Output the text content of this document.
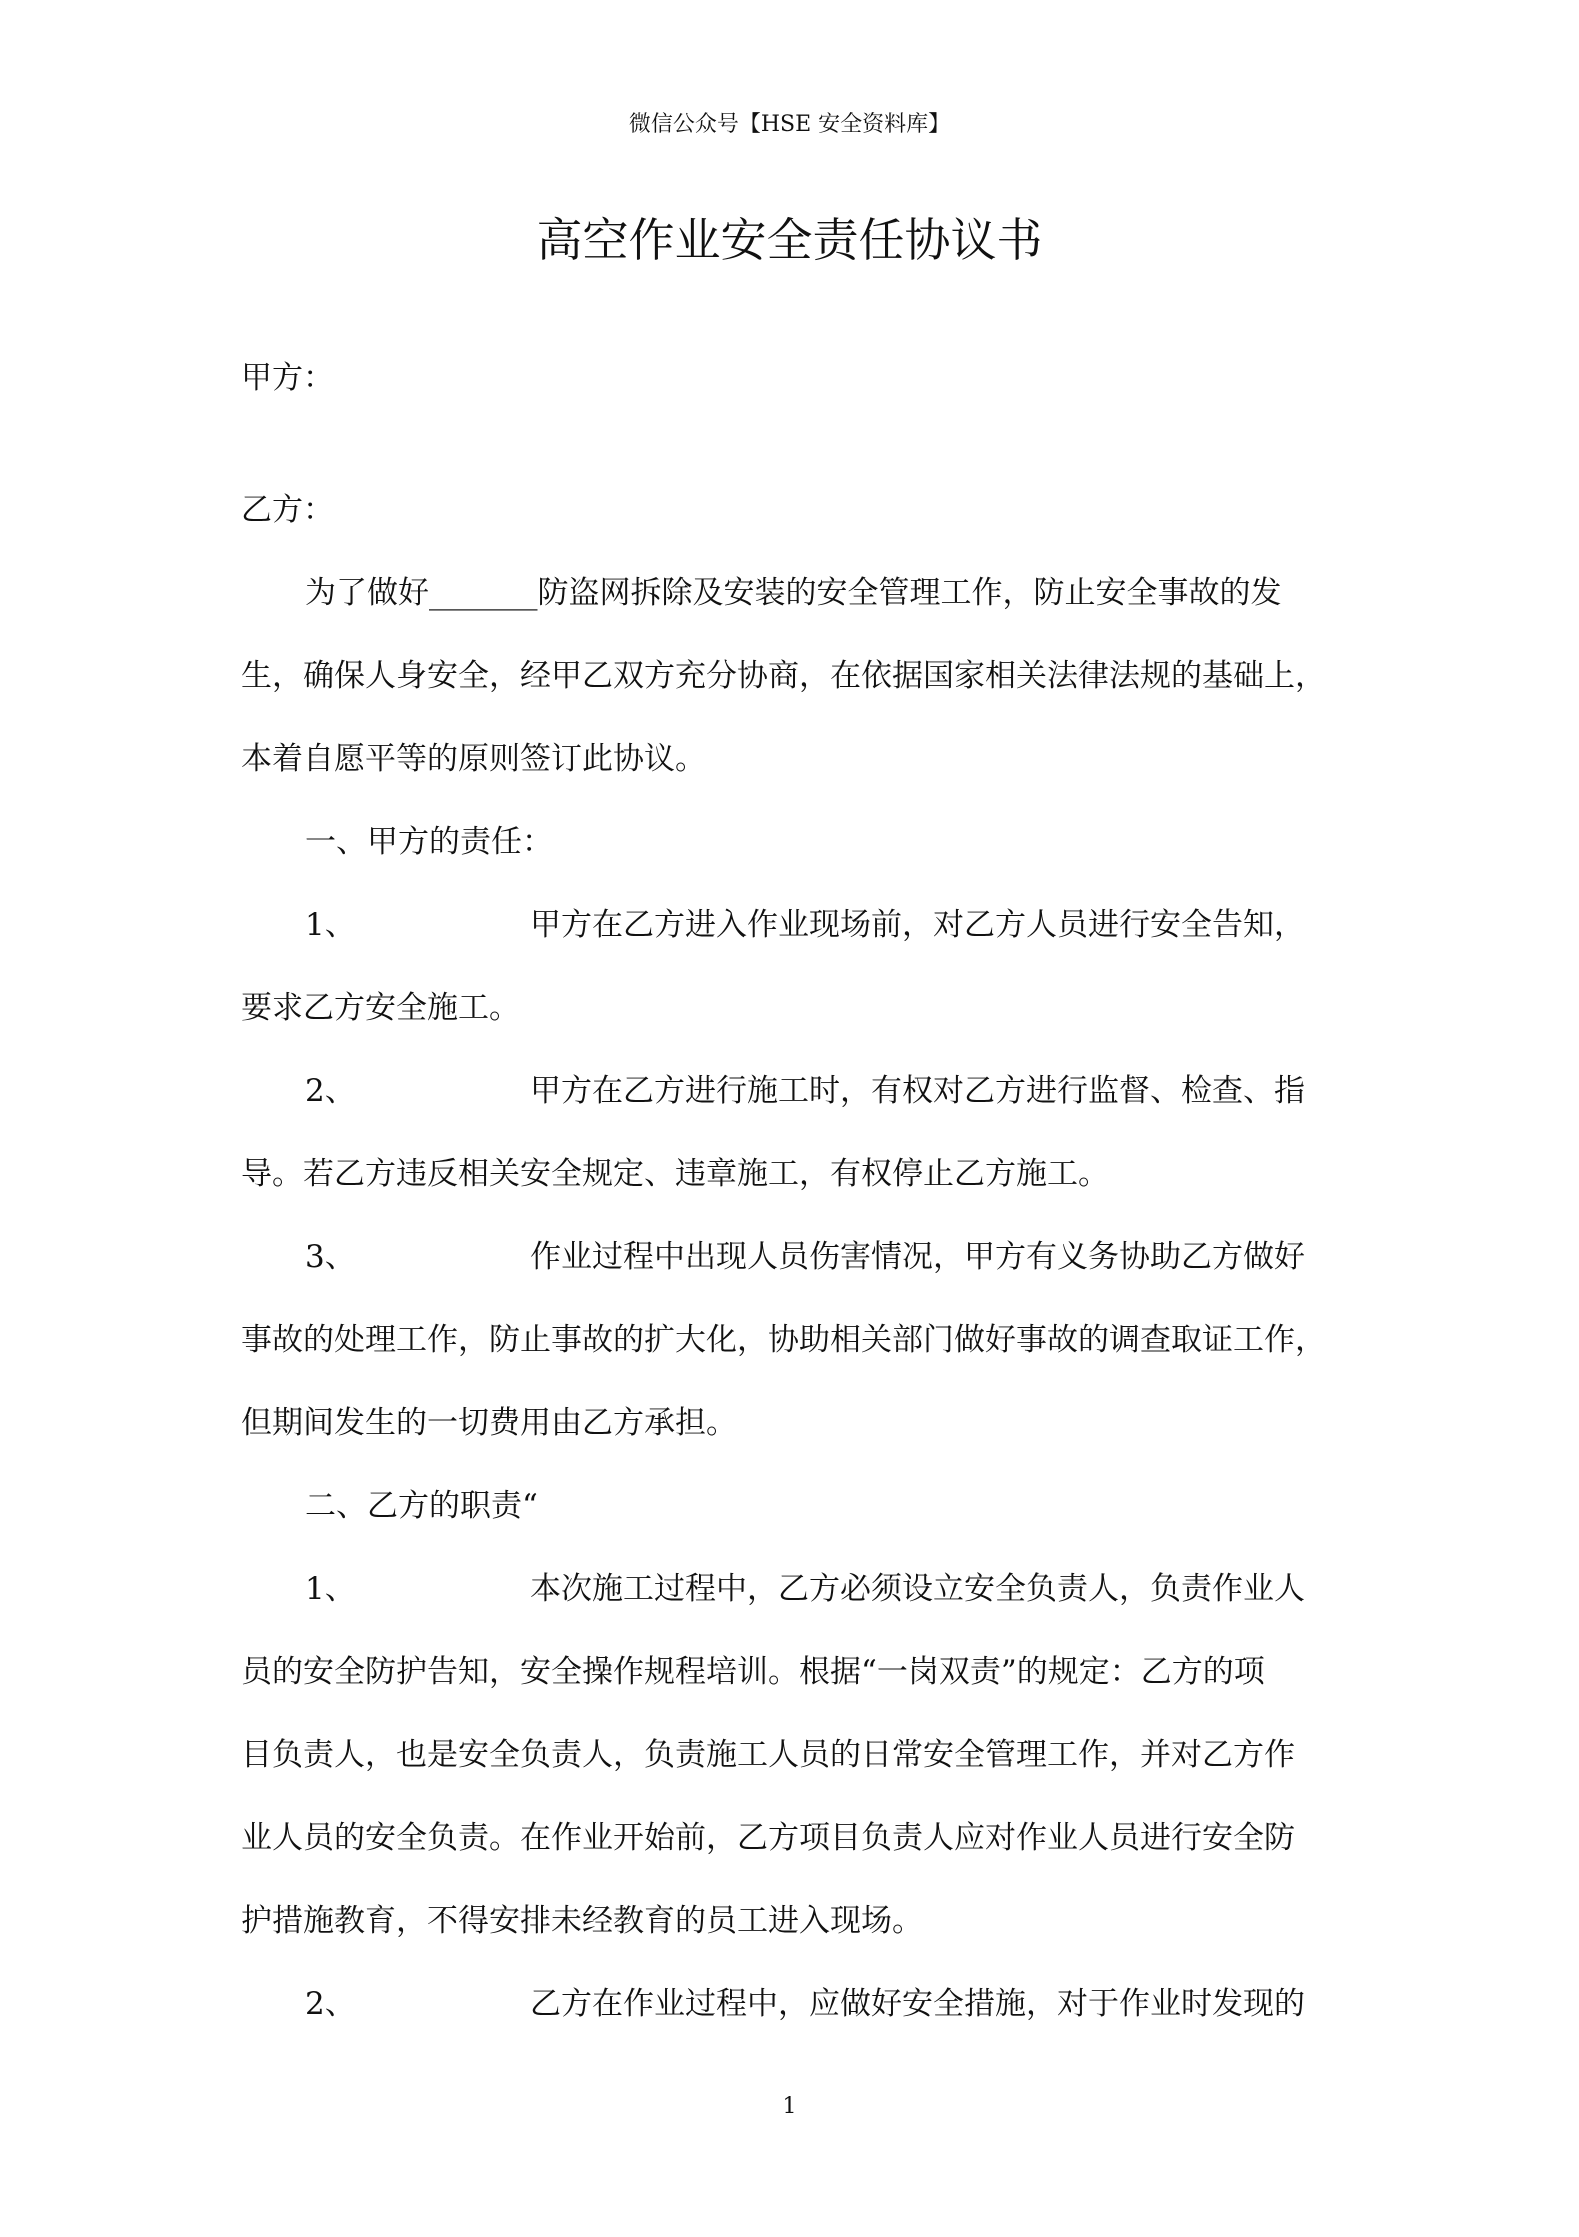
微信公众号【HSE 安全资料库】
高空作业安全责任协议书
甲方：
乙方：
为了做好_______防盗网拆除及安装的安全管理工作，防止安全事故的发
生，确保人身安全，经甲乙双方充分协商，在依据国家相关法律法规的基础上，
本着自愿平等的原则签订此协议。
一、甲方的责任：
1、	甲方在乙方进入作业现场前，对乙方人员进行安全告知，
要求乙方安全施工。
2、	甲方在乙方进行施工时，有权对乙方进行监督、检查、指
导。若乙方违反相关安全规定、违章施工，有权停止乙方施工。
3、	作业过程中出现人员伤害情况，甲方有义务协助乙方做好
事故的处理工作，防止事故的扩大化，协助相关部门做好事故的调查取证工作，
但期间发生的一切费用由乙方承担。
二、乙方的职责“
1、	本次施工过程中，乙方必须设立安全负责人，负责作业人
员的安全防护告知，安全操作规程培训。根据“一岗双责”的规定：乙方的项
目负责人，也是安全负责人，负责施工人员的日常安全管理工作，并对乙方作
业人员的安全负责。在作业开始前，乙方项目负责人应对作业人员进行安全防
护措施教育，不得安排未经教育的员工进入现场。
2、	乙方在作业过程中，应做好安全措施，对于作业时发现的
1
